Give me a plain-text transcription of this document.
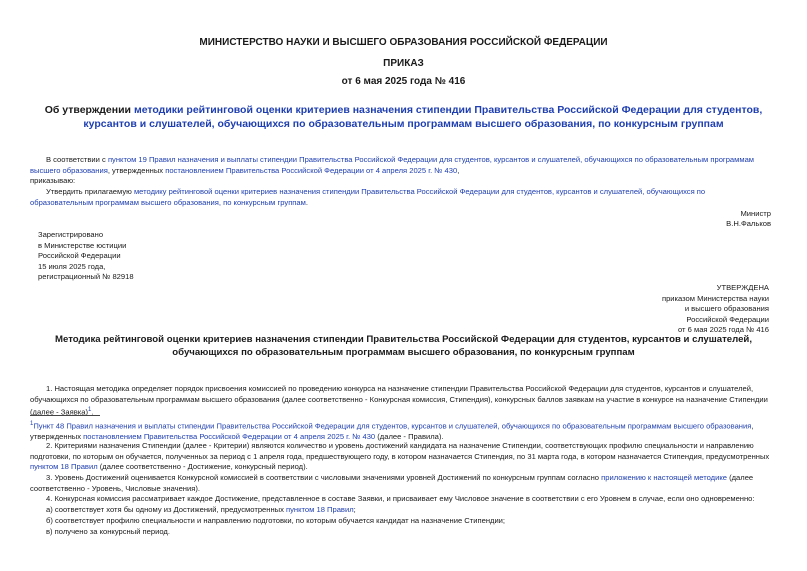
МИНИСТЕРСТВО НАУКИ И ВЫСШЕГО ОБРАЗОВАНИЯ РОССИЙСКОЙ ФЕДЕРАЦИИ
ПРИКАЗ
от 6 мая 2025 года № 416
Об утверждении методики рейтинговой оценки критериев назначения стипендии Правительства Российской Федерации для студентов, курсантов и слушателей, обучающихся по образовательным программам высшего образования, по конкурсным группам
В соответствии с пунктом 19 Правил назначения и выплаты стипендии Правительства Российской Федерации для студентов, курсантов и слушателей, обучающихся по образовательным программам высшего образования, утвержденных постановлением Правительства Российской Федерации от 4 апреля 2025 г. № 430,
приказываю:
Утвердить прилагаемую методику рейтинговой оценки критериев назначения стипендии Правительства Российской Федерации для студентов, курсантов и слушателей, обучающихся по образовательным программам высшего образования, по конкурсным группам.
Министр
В.Н.Фальков
Зарегистрировано
в Министерстве юстиции
Российской Федерации
15 июля 2025 года,
регистрационный № 82918
УТВЕРЖДЕНА
приказом Министерства науки
и высшего образования
Российской Федерации
от 6 мая 2025 года № 416
Методика рейтинговой оценки критериев назначения стипендии Правительства Российской Федерации для студентов, курсантов и слушателей, обучающихся по образовательным программам высшего образования, по конкурсным группам
1. Настоящая методика определяет порядок присвоения комиссией по проведению конкурса на назначение стипендии Правительства Российской Федерации для студентов, курсантов и слушателей, обучающихся по образовательным программам высшего образования (далее соответственно - Конкурсная комиссия, Стипендия), конкурсных баллов заявкам на участие в конкурсе на назначение Стипендии (далее - Заявка)$^1$.
$^1$Пункт 48 Правил назначения и выплаты стипендии Правительства Российской Федерации для студентов, курсантов и слушателей, обучающихся по образовательным программам высшего образования, утвержденных постановлением Правительства Российской Федерации от 4 апреля 2025 г. № 430 (далее - Правила).
2. Критериями назначения Стипендии (далее - Критерии) являются количество и уровень достижений кандидата на назначение Стипендии, соответствующих профилю специальности и направлению подготовки, по которым он обучается, полученных за период с 1 апреля года, предшествующего году, в котором назначается Стипендия, по 31 марта года, в котором назначается Стипендия, предусмотренных пунктом 18 Правил (далее соответственно - Достижение, конкурсный период).
3. Уровень Достижений оценивается Конкурсной комиссией в соответствии с числовыми значениями уровней Достижений по конкурсным группам согласно приложению к настоящей методике (далее соответственно - Уровень, Числовые значения).
4. Конкурсная комиссия рассматривает каждое Достижение, представленное в составе Заявки, и присваивает ему Числовое значение в соответствии с его Уровнем в случае, если оно одновременно:
а) соответствует хотя бы одному из Достижений, предусмотренных пунктом 18 Правил;
б) соответствует профилю специальности и направлению подготовки, по которым обучается кандидат на назначение Стипендии;
в) получено за конкурсный период.
